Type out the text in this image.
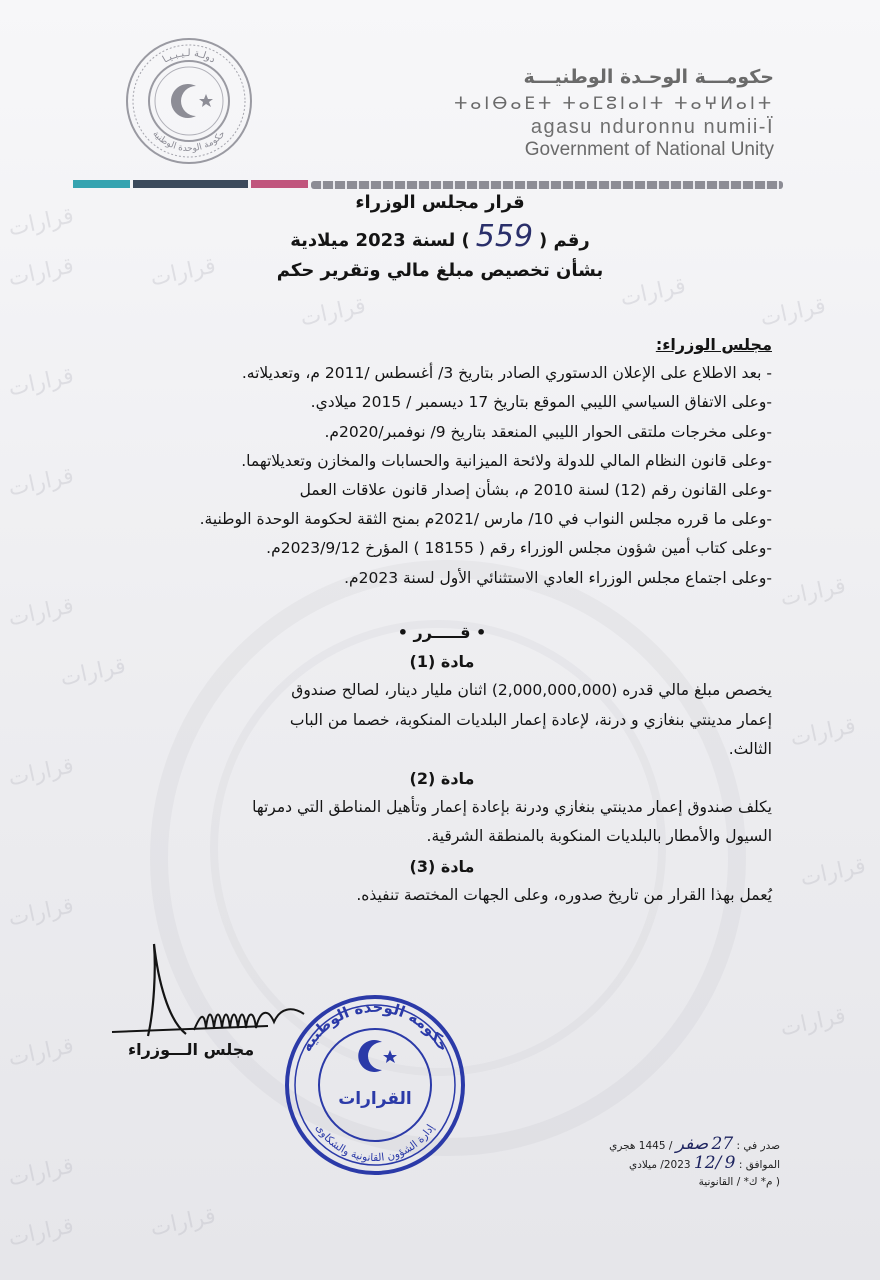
قرارات
قرارات
قرارات
قرارات
قرارات
قرارات
قرارات
قرارات
قرارات
قرارات
قرارات
قرارات
قرارات
قرارات
قرارات
قرارات
قرارات
قرارات
قرارات
قرارات
دولـة لـيـبـيـا
حكومة الوحدة الوطنية
حكومـــة الوحـدة الوطنيـــة
ⵜⴰⵏⴱⴰⴹⵜ ⵜⴰⵎⵓⵏⴰⵏⵜ ⵜⴰⵖⵍⴰⵏⵜ
agasu nduronnu numii-Ї
Government of National Unity
قرار مجلس الوزراء
رقم (559) لسنة 2023 ميلادية
بشأن تخصيص مبلغ مالي وتقرير حكم
مجلس الوزراء:
- بعد الاطلاع على الإعلان الدستوري الصادر بتاريخ 3/ أغسطس /2011 م، وتعديلاته.
-وعلى الاتفاق السياسي الليبي الموقع بتاريخ 17 ديسمبر / 2015 ميلادي.
-وعلى مخرجات ملتقى الحوار الليبي المنعقد بتاريخ 9/ نوفمبر/2020م.
-وعلى قانون النظام المالي للدولة ولائحة الميزانية والحسابات والمخازن وتعديلاتهما.
-وعلى القانون رقم (12) لسنة 2010 م، بشأن إصدار قانون علاقات العمل
-وعلى ما قرره مجلس النواب في 10/ مارس /2021م بمنح الثقة لحكومة الوحدة الوطنية.
-وعلى كتاب أمين شؤون مجلس الوزراء رقم ( 18155 ) المؤرخ 2023/9/12م.
-وعلى اجتماع مجلس الوزراء العادي الاستثنائي الأول لسنة 2023م.
• قـــــرر •
مادة (1)
يخصص مبلغ مالي قدره (2,000,000,000) اثنان مليار دينار، لصالح صندوق
إعمار مدينتي بنغازي و درنة، لإعادة إعمار البلديات المنكوبة، خصما من الباب
الثالث.
مادة (2)
يكلف صندوق إعمار مدينتي بنغازي ودرنة بإعادة إعمار وتأهيل المناطق التي دمرتها
السيول والأمطار بالبلديات المنكوبة بالمنطقة الشرقية.
مادة (3)
يُعمل بهذا القرار من تاريخ صدوره، وعلى الجهات المختصة تنفيذه.
مجلس الـــوزراء	حكومة الوحدة الوطنية
إدارة الشؤون القانونية والشكاوى
القرارات
صدر في : 27 صفر / 1445 هجري
الموافق : 9 /12 2023/ ميلادي
( م* ك* / القانونية
